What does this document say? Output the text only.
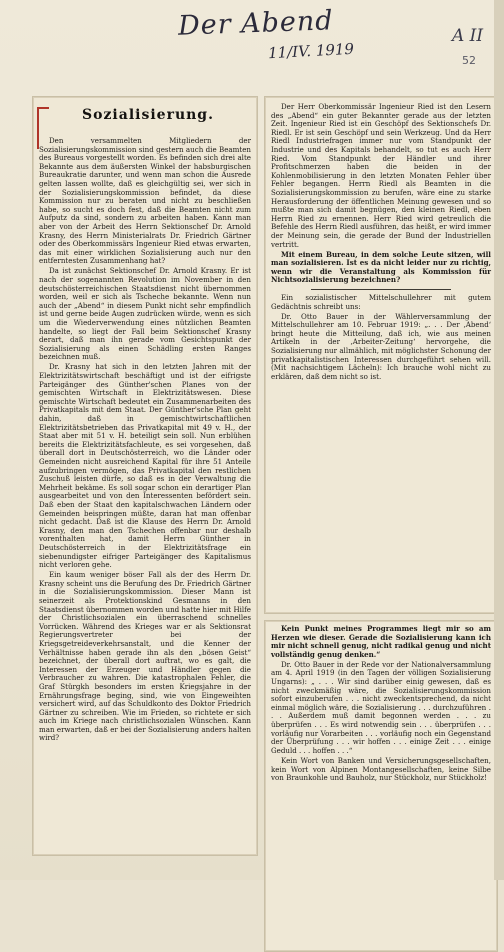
Der Abend
11/IV. 1919
A II
52
Sozialisierung.

Den versammelten Mitgliedern der Sozialisierungskommission sind gestern auch die Beamten des Bureaus vorgestellt worden. Es befinden sich drei alte Bekannte aus dem äußersten Winkel der habsburgischen Bureaukratie darunter, und wenn man schon die Ausrede gelten lassen wollte, daß es gleichgültig sei, wer sich in der Sozialisierungskommission befindet, da diese Kommission nur zu beraten und nicht zu beschließen habe, so sucht es doch fest, daß die Beamten nicht zum Aufputz da sind, sondern zu arbeiten haben. Kann man aber von der Arbeit des Herrn Sektionschef Dr. Arnold Krasny, des Herrn Ministerialrats Dr. Friedrich Gärtner oder des Oberkommissärs Ingenieur Ried etwas erwarten, das mit einer wirklichen Sozialisierung auch nur den entferntesten Zusammenhang hat?

Da ist zunächst Sektionschef Dr. Arnold Krasny. Er ist nach der sogenannten Revolution im November in den deutschösterreichischen Staatsdienst nicht übernommen worden, weil er sich als Tscheche bekannte. Wenn nun auch der „Abend“ in diesem Punkt nicht sehr empfindlich ist und gerne beide Augen zudrücken würde, wenn es sich um die Wiederverwendung eines nützlichen Beamten handelte, so liegt der Fall beim Sektionschef Krasny derart, daß man ihn gerade vom Gesichtspunkt der Sozialisierung als einen Schädling ersten Ranges bezeichnen muß.

Dr. Krasny hat sich in den letzten Jahren mit der Elektrizitätswirtschaft beschäftigt und ist der eifrigste Parteigänger des Günther'schen Planes von der gemischten Wirtschaft in Elektrizitätswesen. Diese gemischte Wirtschaft bedeutet ein Zusammenarbeiten des Privatkapitals mit dem Staat. Der Günther'sche Plan geht dahin, daß in gemischtwirtschaftlichen Elektrizitätsbetrieben das Privatkapital mit 49 v. H., der Staat aber mit 51 v. H. beteiligt sein soll. Nun erblühen bereits die Elektrizitätsfachleute, es sei vorgesehen, daß überall dort in Deutschösterreich, wo die Länder oder Gemeinden nicht ausreichend Kapital für ihre 51 Anteile aufzubringen vermögen, das Privatkapital den restlichen Zuschuß leisten dürfe, so daß es in der Verwaltung die Mehrheit bekäme. Es soll sogar schon ein derartiger Plan ausgearbeitet und von den Interessenten befördert sein. Daß eben der Staat den kapitalschwachen Ländern oder Gemeinden beispringen müßte, daran hat man offenbar nicht gedacht. Daß ist die Klause des Herrn Dr. Arnold Krasny, den man den Tschechen offenbar nur deshalb vorenthalten hat, damit Herrn Günther in Deutschösterreich in der Elektrizitätsfrage ein siebenundigster eifriger Parteigänger des Kapitalismus nicht verloren gehe.

Ein kaum weniger böser Fall als der des Herrn Dr. Krasny scheint uns die Berufung des Dr. Friedrich Gärtner in die Sozialisierungskommission. Dieser Mann ist seinerzeit als Protektionskind Gesmanns in den Staatsdienst übernommen worden und hatte hier mit Hilfe der Christlichsozialen ein überraschend schnelles Vorrücken. Während des Krieges war er als Sektionsrat Regierungsvertreter bei der Kriegsgetreideverkehrsanstalt, und die Kenner der Verhältnisse haben gerade ihn als den „bösen Geist“ bezeichnet, der überall dort auftrat, wo es galt, die Interessen der Erzeuger und Händler gegen die Verbraucher zu wahren. Die katastrophalen Fehler, die Graf Stürgkh besonders im ersten Kriegsjahre in der Ernährungsfrage beging, sind, wie von Eingeweihten versichert wird, auf das Schuldkonto des Doktor Friedrich Gärtner zu schreiben. Wie im Frieden, so richtete er sich auch im Kriege nach christlichsozialen Wünschen. Kann man erwarten, daß er bei der Sozialisierung anders halten wird?

Der Herr Oberkommissär Ingenieur Ried ist den Lesern des „Abend“ ein guter Bekannter gerade aus der letzten Zeit. Ingenieur Ried ist ein Geschöpf des Sektionschefs Dr. Riedl. Er ist sein Geschöpf und sein Werkzeug. Und da Herr Riedl Industriefragen immer nur vom Standpunkt der Industrie und des Kapitals behandelt, so tut es auch Herr Ried. Vom Standpunkt der Händler und ihrer Profitschmerzen haben die beiden in der Kohlenmobilisierung in den letzten Monaten Fehler über Fehler begangen. Herrn Riedl als Beamten in die Sozialisierungskommission zu berufen, wäre eine zu starke Herausforderung der öffentlichen Meinung gewesen und so mußte man sich damit begnügen, den kleinen Riedl, eben Herrn Ried zu ernennen. Herr Ried wird getreulich die Befehle des Herrn Riedl ausführen, das heißt, er wird immer der Meinung sein, die gerade der Bund der Industriellen vertritt.

Mit einem Bureau, in dem solche Leute sitzen, will man sozialisieren. Ist es da nicht leider nur zu richtig, wenn wir die Veranstaltung als Kommission für Nichtsozialisierung bezeichnen?

Ein sozialistischer Mittelschullehrer mit gutem Gedächtnis schreibt uns:

Dr. Otto Bauer in der Wählerversammlung der Mittelschullehrer am 10. Februar 1919: „. . . Der ‚Abend‘ bringt heute die Mitteilung, daß ich, wie aus meinen Artikeln in der ‚Arbeiter-Zeitung‘ hervorgehe, die Sozialisierung nur allmählich, mit möglichster Schonung der privatkapitalistischen Interessen durchgeführt sehen will. (Mit nachsichtigem Lächeln): Ich brauche wohl nicht zu erklären, daß dem nicht so ist.

Kein Punkt meines Programmes liegt mir so am Herzen wie dieser. Gerade die Sozialisierung kann ich mir nicht schnell genug, nicht radikal genug und nicht vollständig genug denken.“

Dr. Otto Bauer in der Rede vor der Nationalversammlung am 4. April 1919 (in den Tagen der völligen Sozialisierung Ungarns): „ . . . Wir sind darüber einig gewesen, daß es nicht zweckmäßig wäre, die Sozialisierungskommission sofort einzuberufen . . . nicht zweckentsprechend, da nicht einmal möglich wäre, die Sozialisierung . . . durchzuführen . . . Außerdem muß damit begonnen werden . . . zu überprüfen . . . Es wird notwendig sein . . . überprüfen . . . vorläufig nur Vorarbeiten . . . vorläufig noch ein Gegenstand der Überprüfung . . . wir hoffen . . . einige Zeit . . . einige Geduld . . . hoffen . . .“

Kein Wort von Banken und Versicherungsgesellschaften, kein Wort von Alpinen Montangesellschaften, keine Silbe von Braunkohle und Bauholz, nur Stückholz, nur Stückholz!
